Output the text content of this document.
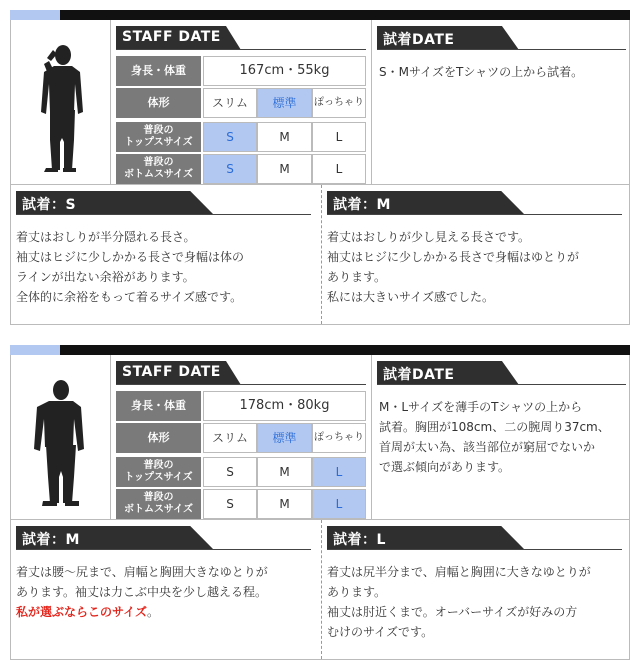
STAFF DATE
身長・体重	167cm・55kg
体形	スリム	標準	ぽっちゃり
普段の
トップスサイズ	S	M	L
普段の
ボトムスサイズ	S	M	L
試着DATE
S・MサイズをTシャツの上から試着。
試着：S
着丈はおしりが半分隠れる長さ。
袖丈はヒジに少しかかる長さで身幅は体の
ラインが出ない余裕があります。
全体的に余裕をもって着るサイズ感です。
試着：M
着丈はおしりが少し見える長さです。
袖丈はヒジに少しかかる長さで身幅はゆとりが
あります。
私には大きいサイズ感でした。
STAFF DATE
身長・体重	178cm・80kg
体形	スリム	標準	ぽっちゃり
普段の
トップスサイズ	S	M	L
普段の
ボトムスサイズ	S	M	L
試着DATE
M・Lサイズを薄手のTシャツの上から
試着。胸囲が108cm、二の腕周り37cm、
首周が太い為、該当部位が窮屈でないか
で選ぶ傾向があります。
試着：M
着丈は腰〜尻まで、肩幅と胸囲大きなゆとりが
あります。袖丈は力こぶ中央を少し越える程。
私が選ぶならこのサイズ。
試着：L
着丈は尻半分まで、肩幅と胸囲に大きなゆとりが
あります。
袖丈は肘近くまで。オーバーサイズが好みの方
むけのサイズです。
